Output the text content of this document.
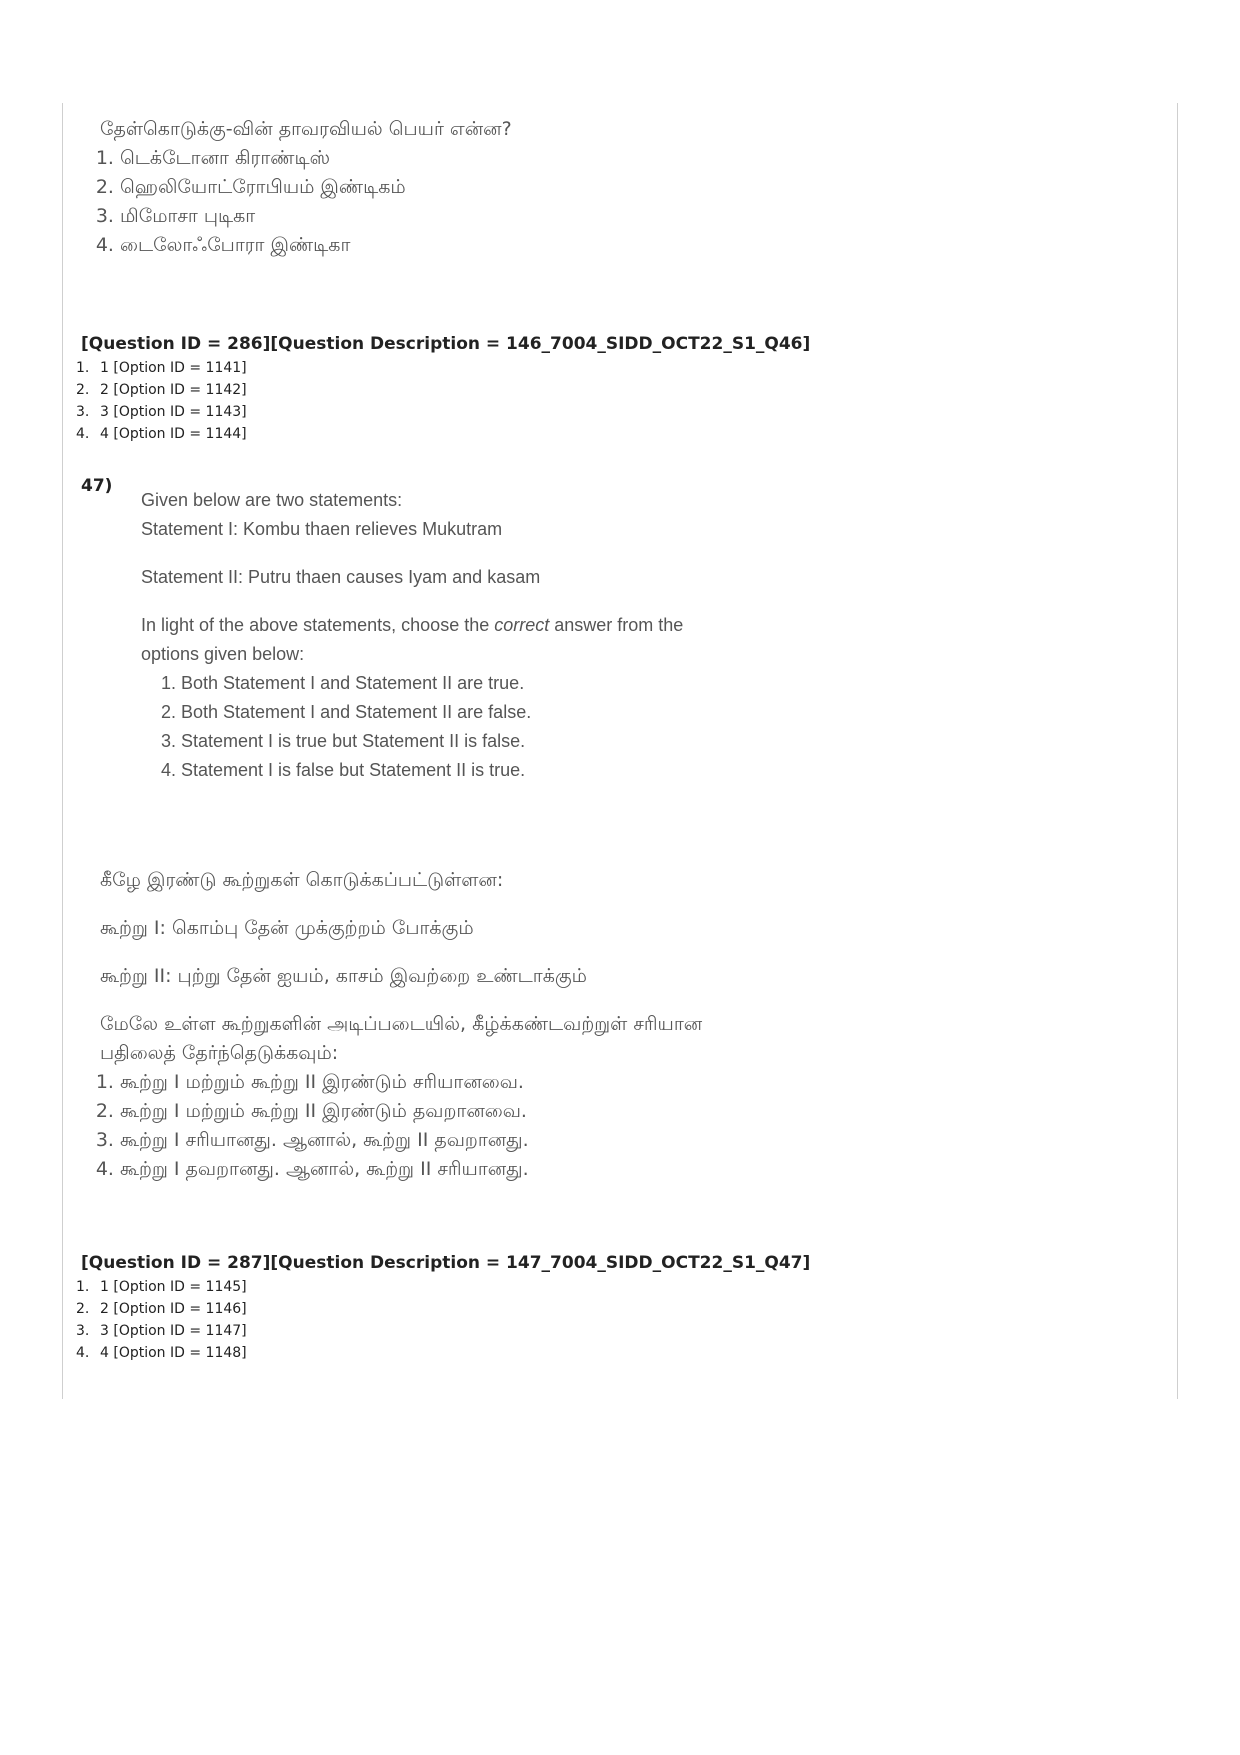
தேள்கொடுக்கு-வின் தாவரவியல் பெயர் என்ன?

1. டெக்டோனா கிராண்டிஸ்
2. ஹெலியோட்ரோபியம் இண்டிகம்
3. மிமோசா புடிகா
4. டைலோஃபோரா இண்டிகா
[Question ID = 286][Question Description = 146_7004_SIDD_OCT22_S1_Q46]
1. 1 [Option ID = 1141]
2. 2 [Option ID = 1142]
3. 3 [Option ID = 1143]
4. 4 [Option ID = 1144]
47)

Given below are two statements:

Statement I: Kombu thaen relieves Mukutram

Statement II: Putru thaen causes Iyam and kasam

In light of the above statements, choose the correct answer from the options given below:

1. Both Statement I and Statement II are true.
2. Both Statement I and Statement II are false.
3. Statement I is true but Statement II is false.
4. Statement I is false but Statement II is true.

கீழே இரண்டு கூற்றுகள் கொடுக்கப்பட்டுள்ளன:

கூற்று I: கொம்பு தேன் முக்குற்றம் போக்கும்

கூற்று II: புற்று தேன் ஐயம், காசம் இவற்றை உண்டாக்கும்

மேலே உள்ள கூற்றுகளின் அடிப்படையில், கீழ்க்கண்டவற்றுள் சரியான பதிலைத் தேர்ந்தெடுக்கவும்:

1. கூற்று I மற்றும் கூற்று II இரண்டும் சரியானவை.
2. கூற்று I மற்றும் கூற்று II இரண்டும் தவறானவை.
3. கூற்று I சரியானது. ஆனால், கூற்று II தவறானது.
4. கூற்று I தவறானது. ஆனால், கூற்று II சரியானது.
[Question ID = 287][Question Description = 147_7004_SIDD_OCT22_S1_Q47]
1. 1 [Option ID = 1145]
2. 2 [Option ID = 1146]
3. 3 [Option ID = 1147]
4. 4 [Option ID = 1148]
